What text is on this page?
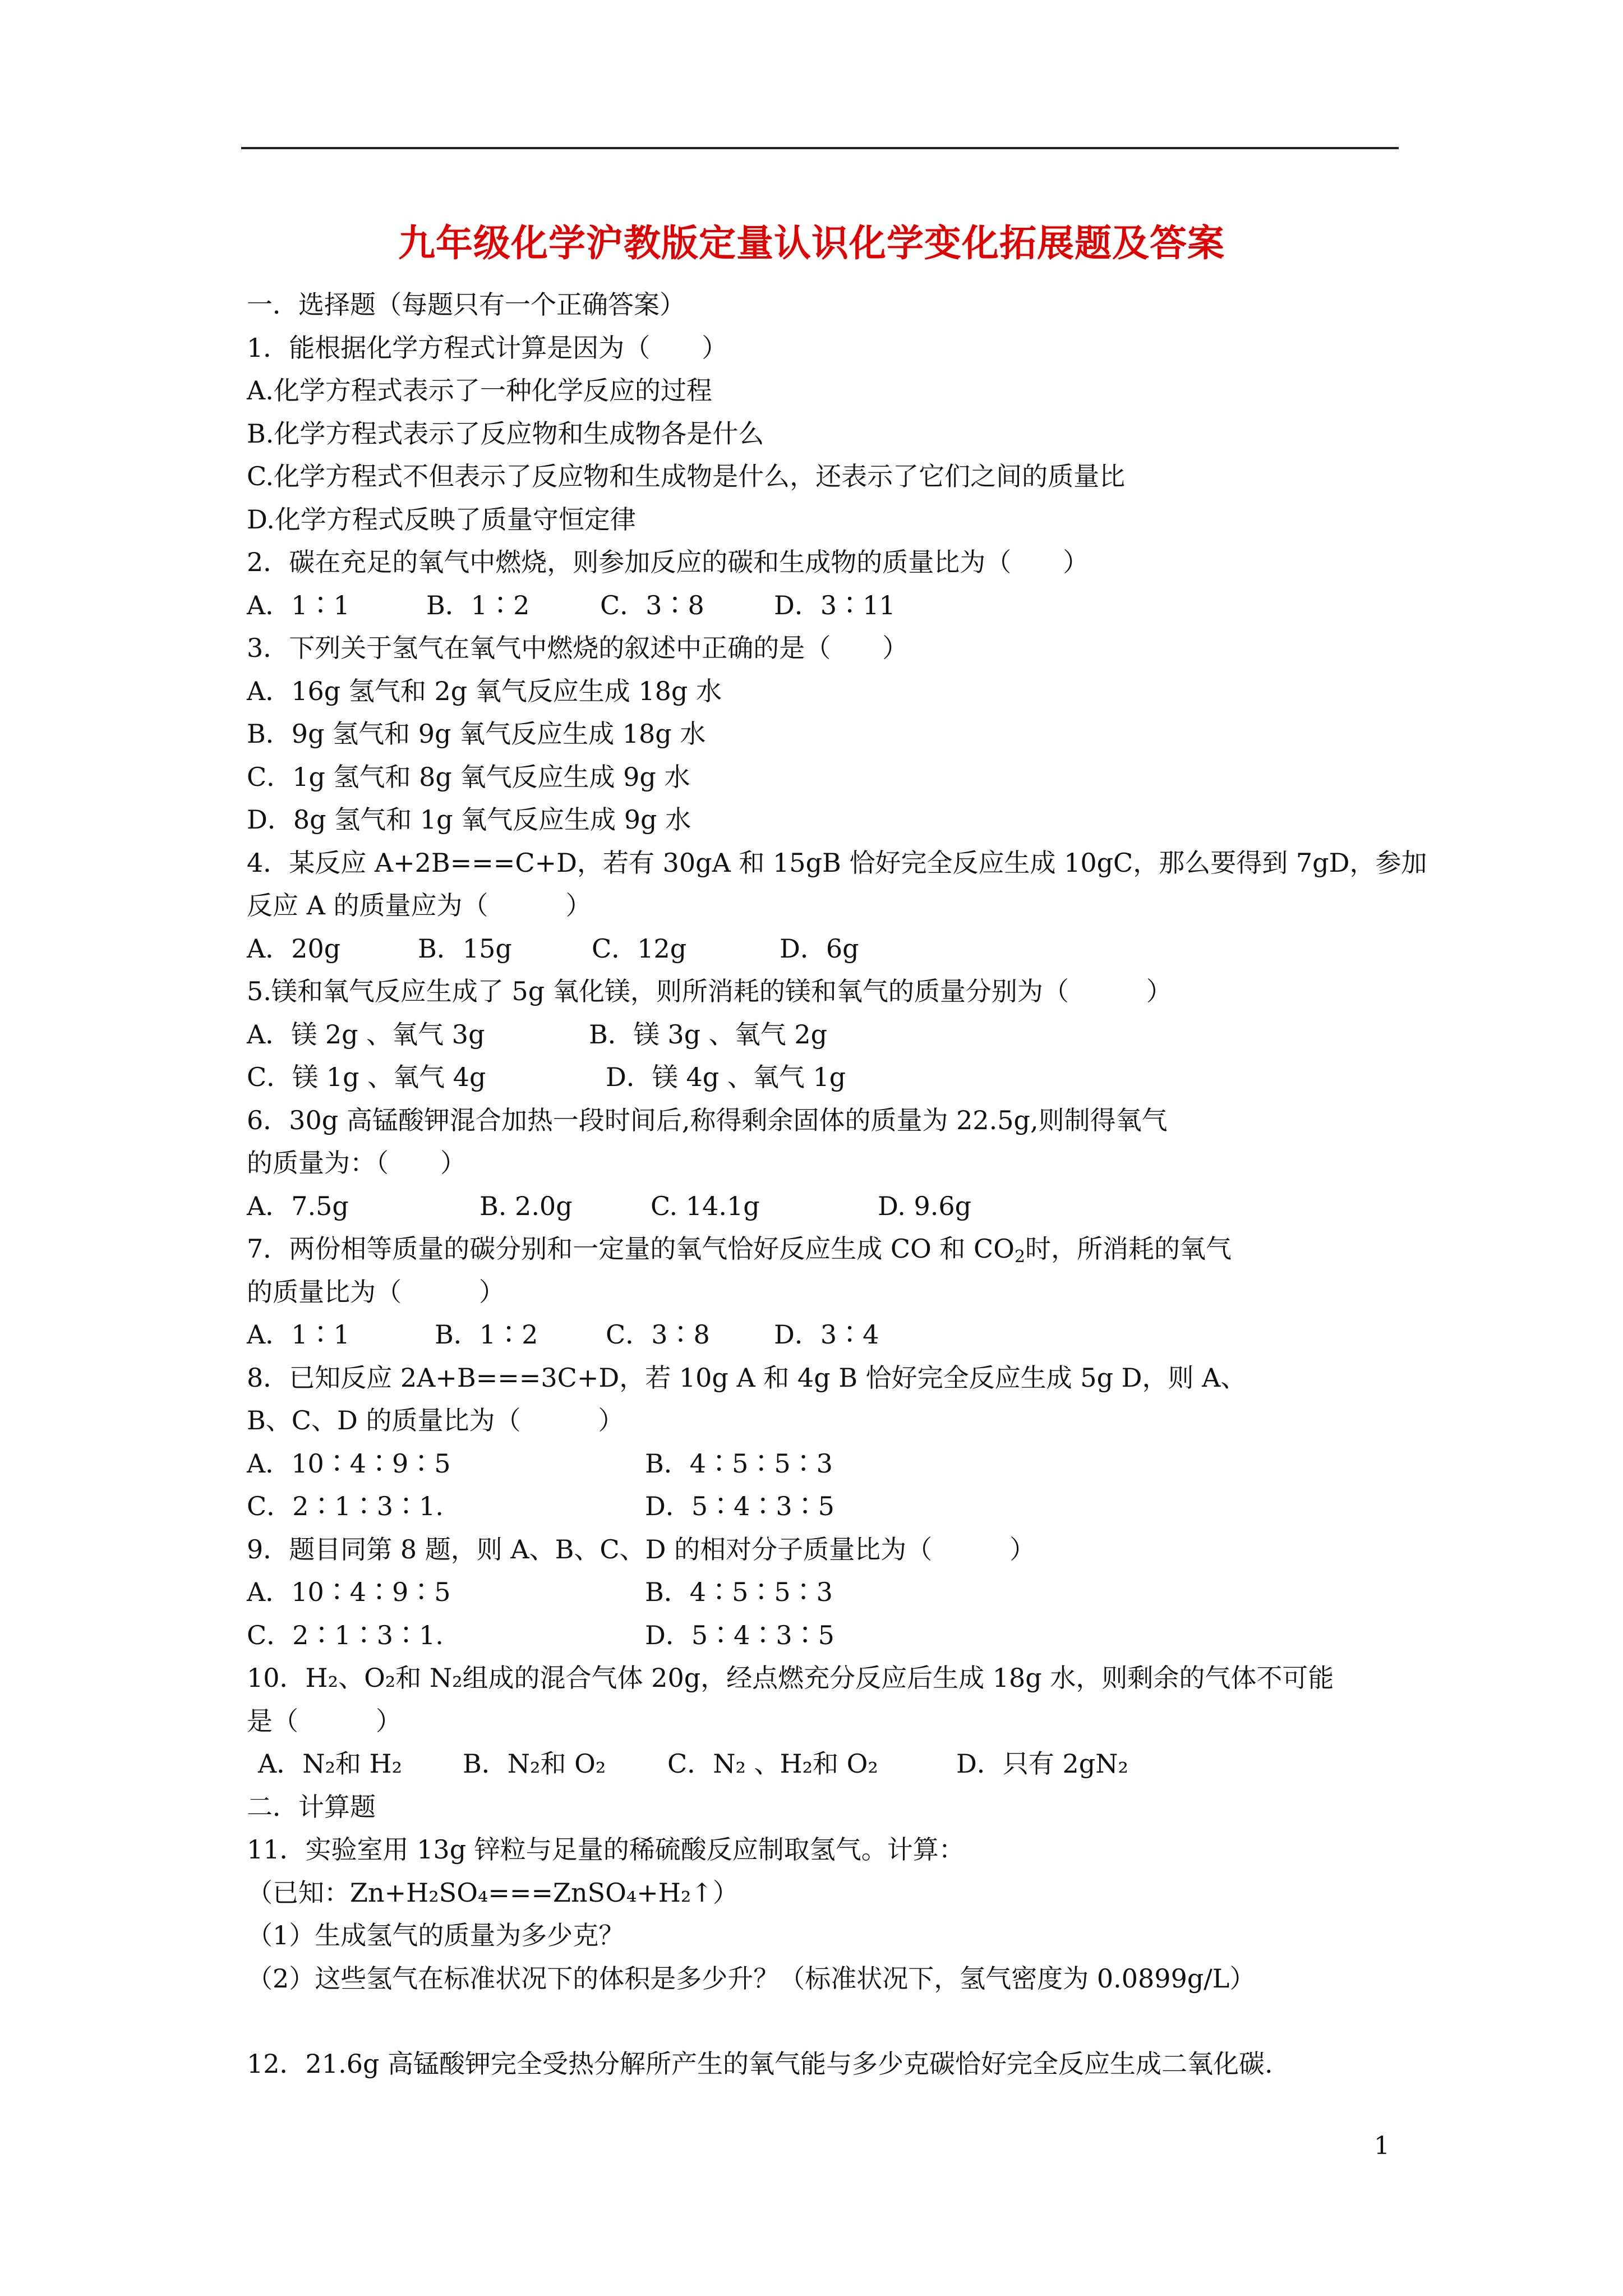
九年级化学沪教版定量认识化学变化拓展题及答案
一．选择题（每题只有一个正确答案）
1．能根据化学方程式计算是因为（　　）
A.化学方程式表示了一种化学反应的过程
B.化学方程式表示了反应物和生成物各是什么
C.化学方程式不但表示了反应物和生成物是什么，还表示了它们之间的质量比
D.化学方程式反映了质量守恒定律
2．碳在充足的氧气中燃烧，则参加反应的碳和生成物的质量比为（　　）
A．1∶1	B．1∶2	C．3∶8	D．3∶11
3．下列关于氢气在氧气中燃烧的叙述中正确的是（　　）
A．16g 氢气和 2g 氧气反应生成 18g 水
B．9g 氢气和 9g 氧气反应生成 18g 水
C．1g 氢气和 8g 氧气反应生成 9g 水
D．8g 氢气和 1g 氧气反应生成 9g 水
4．某反应 A+2B===C+D，若有 30gA 和 15gB 恰好完全反应生成 10gC，那么要得到 7gD，参加
反应 A 的质量应为（　　　）
A．20g	B．15g	C．12g	D．6g
5.镁和氧气反应生成了 5g 氧化镁，则所消耗的镁和氧气的质量分别为（　　　）
A．镁 2g 、氧气 3g	B．镁 3g 、氧气 2g
C．镁 1g 、氧气 4g	D．镁 4g 、氧气 1g
6．30g 高锰酸钾混合加热一段时间后,称得剩余固体的质量为 22.5g,则制得氧气
的质量为：（　　）
A．7.5g	B. 2.0g	C. 14.1g	D. 9.6g
7．两份相等质量的碳分别和一定量的氧气恰好反应生成 CO 和 $CO_2$时，所消耗的氧气
的质量比为（　　　）
A．1∶1	B．1∶2	C．3∶8	D．3∶4
8．已知反应 2A+B===3C+D，若 10g A 和 4g B 恰好完全反应生成 5g D，则 A、
B、C、D 的质量比为（　　　）
A．10∶4∶9∶5	B．4∶5∶5∶3
C．2∶1∶3∶1.	D．5∶4∶3∶5
9．题目同第 8 题，则 A、B、C、D 的相对分子质量比为（　　　）
A．10∶4∶9∶5	B．4∶5∶5∶3
C．2∶1∶3∶1.	D．5∶4∶3∶5
10．H₂、O₂和 N₂组成的混合气体 20g，经点燃充分反应后生成 18g 水，则剩余的气体不可能
是（　　　）
A．N₂和 H₂	B．N₂和 O₂	C．N₂ 、H₂和 O₂	D．只有 2gN₂
二．计算题
11．实验室用 13g 锌粒与足量的稀硫酸反应制取氢气。计算：
（已知：Zn+H₂SO₄===ZnSO₄+H₂↑）
（1）生成氢气的质量为多少克？
（2）这些氢气在标准状况下的体积是多少升？（标准状况下，氢气密度为 0.0899g/L）
12．21.6g 高锰酸钾完全受热分解所产生的氧气能与多少克碳恰好完全反应生成二氧化碳.
1
